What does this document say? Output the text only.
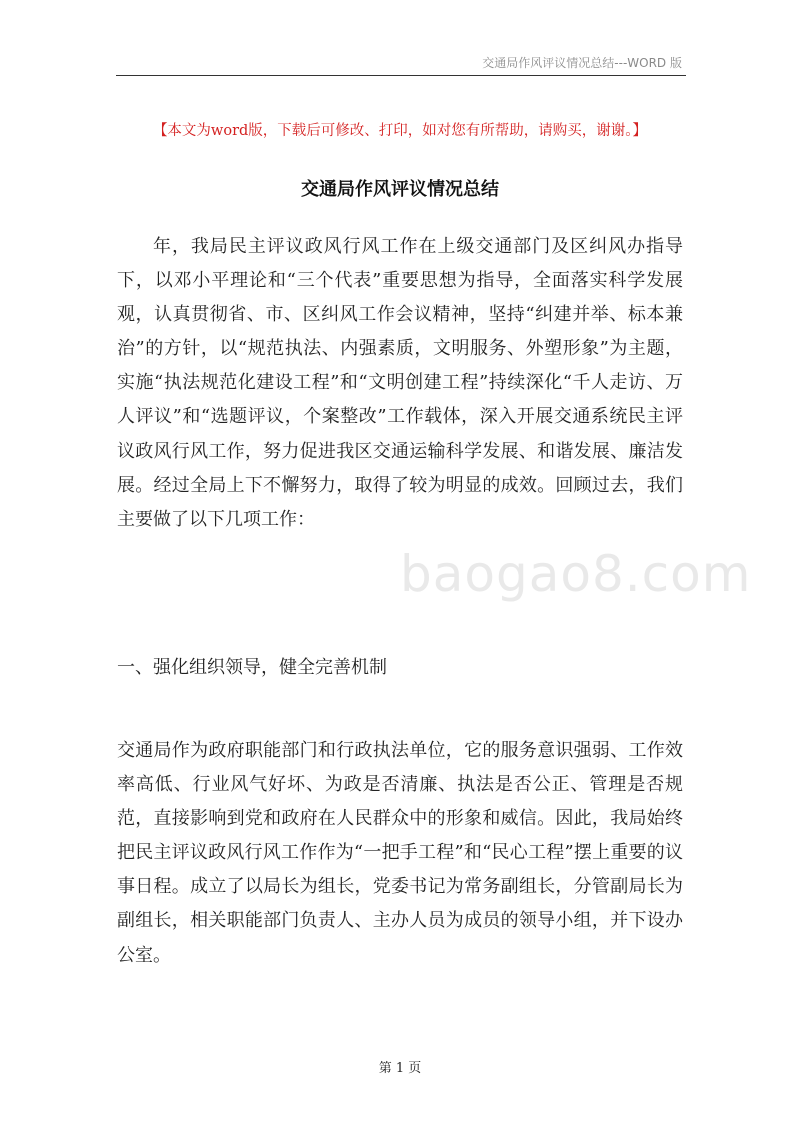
交通局作风评议情况总结---WORD 版
【本文为word版，下载后可修改、打印，如对您有所帮助，请购买，谢谢。】
交通局作风评议情况总结

年，我局民主评议政风行风工作在上级交通部门及区纠风办指导下，以邓小平理论和“三个代表”重要思想为指导，全面落实科学发展观，认真贯彻省、市、区纠风工作会议精神，坚持“纠建并举、标本兼治”的方针，以“规范执法、内强素质，文明服务、外塑形象”为主题，实施“执法规范化建设工程”和“文明创建工程”持续深化“千人走访、万人评议”和“选题评议，个案整改”工作载体，深入开展交通系统民主评议政风行风工作，努力促进我区交通运输科学发展、和谐发展、廉洁发展。经过全局上下不懈努力，取得了较为明显的成效。回顾过去，我们主要做了以下几项工作：

baogao8.com

一、强化组织领导，健全完善机制

交通局作为政府职能部门和行政执法单位，它的服务意识强弱、工作效率高低、行业风气好坏、为政是否清廉、执法是否公正、管理是否规范，直接影响到党和政府在人民群众中的形象和威信。因此，我局始终把民主评议政风行风工作作为“一把手工程”和“民心工程”摆上重要的议事日程。成立了以局长为组长，党委书记为常务副组长，分管副局长为副组长，相关职能部门负责人、主办人员为成员的领导小组，并下设办公室。

第 1 页
